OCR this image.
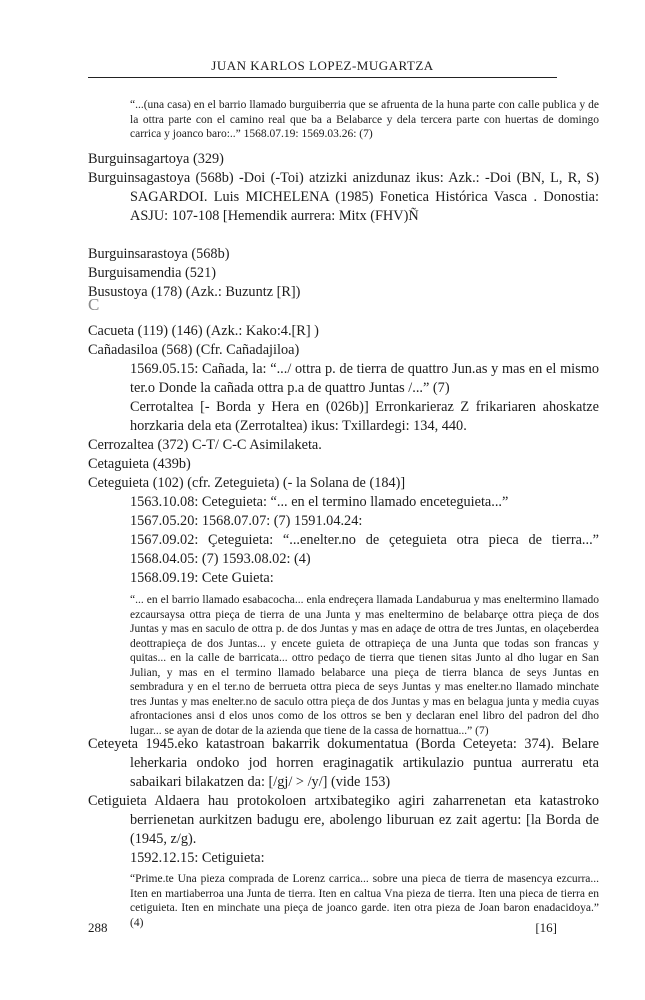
JUAN KARLOS LOPEZ-MUGARTZA

“...(una casa) en el barrio llamado burguiberria que se afruenta de la huna parte con calle publica y de la ottra parte con el camino real que ba a Belabarce y dela tercera parte con huertas de domingo carrica y joanco baro:..” 1568.07.19: 1569.03.26: (7)

Burguinsagartoya (329)

Burguinsagastoya (568b) -Doi (-Toi) atzizki anizdunaz ikus: Azk.: -Doi (BN, L, R, S) SAGARDOI. Luis MICHELENA (1985) Fonetica Histórica Vasca . Donostia: ASJU: 107-108 [Hemendik aurrera: Mitx (FHV)Ñ

Burguinsarastoya (568b)

Burguisamendia (521)

Busustoya (178) (Azk.: Buzuntz [R])

C

Cacueta (119) (146) (Azk.: Kako:4.[R] )

Cañadasiloa (568) (Cfr. Cañadajiloa)

1569.05.15: Cañada, la: “.../ ottra p. de tierra de quattro Jun.as y mas en el mismo ter.o Donde la cañada ottra p.a de quattro Juntas /...” (7)

Cerrotaltea [- Borda y Hera en (026b)] Erronkarieraz Z frikariaren ahoskatze horzkaria dela eta (Zerrotaltea) ikus: Txillardegi: 134, 440.

Cerrozaltea (372) C-T/ C-C Asimilaketa.

Cetaguieta (439b)

Ceteguieta (102) (cfr. Zeteguieta) (- la Solana de (184)]

1563.10.08: Ceteguieta: “... en el termino llamado enceteguieta...”

1567.05.20: 1568.07.07: (7) 1591.04.24:

1567.09.02: Çeteguieta: “...enelter.no de çeteguieta otra pieca de tierra...” 1568.04.05: (7) 1593.08.02: (4)

1568.09.19: Cete Guieta:

“... en el barrio llamado esabacocha... enla endreçera llamada Landaburua y mas eneltermino llamado ezcaursaysa ottra pieça de tierra de una Junta y mas eneltermino de belabarçe ottra pieça de dos Juntas y mas en saculo de ottra p. de dos Juntas y mas en adaçe de ottra de tres Juntas, en olaçeberdea deottrapieça de dos Juntas... y encete guieta de ottrapieça de una Junta que todas son francas y quitas... en la calle de barricata... ottro pedaço de tierra que tienen sitas Junto al dho lugar en San Julian, y mas en el termino llamado belabarce una pieça de tierra blanca de seys Juntas en sembradura y en el ter.no de berrueta ottra pieca de seys Juntas y mas enelter.no llamado minchate tres Juntas y mas enelter.no de saculo ottra pieça de dos Juntas y mas en belagua junta y media cuyas afrontaciones ansi d elos unos como de los ottros se ben y declaran enel libro del padron del dho lugar... se ayan de dotar de la azienda que tiene de la cassa de hornattua...” (7)

Ceteyeta 1945.eko katastroan bakarrik dokumentatua (Borda Ceteyeta: 374). Belare leherkaria ondoko jod horren eraginagatik artikulazio puntua aurreratu eta sabaikari bilakatzen da: [/gj/ > /y/] (vide 153)

Cetiguieta Aldaera hau protokoloen artxibategiko agiri zaharrenetan eta katastroko berrienetan aurkitzen badugu ere, abolengo liburuan ez zait agertu: [la Borda de (1945, z/g).

1592.12.15: Cetiguieta:

“Prime.te Una pieza comprada de Lorenz carrica... sobre una pieca de tierra de masencya ezcurra... Iten en martiaberroa una Junta de tierra. Iten en caltua Vna pieza de tierra. Iten una pieca de tierra en cetiguieta. Iten en minchate una pieça de joanco garde. iten otra pieza de Joan baron enadacidoya.” (4)

288	[16]
